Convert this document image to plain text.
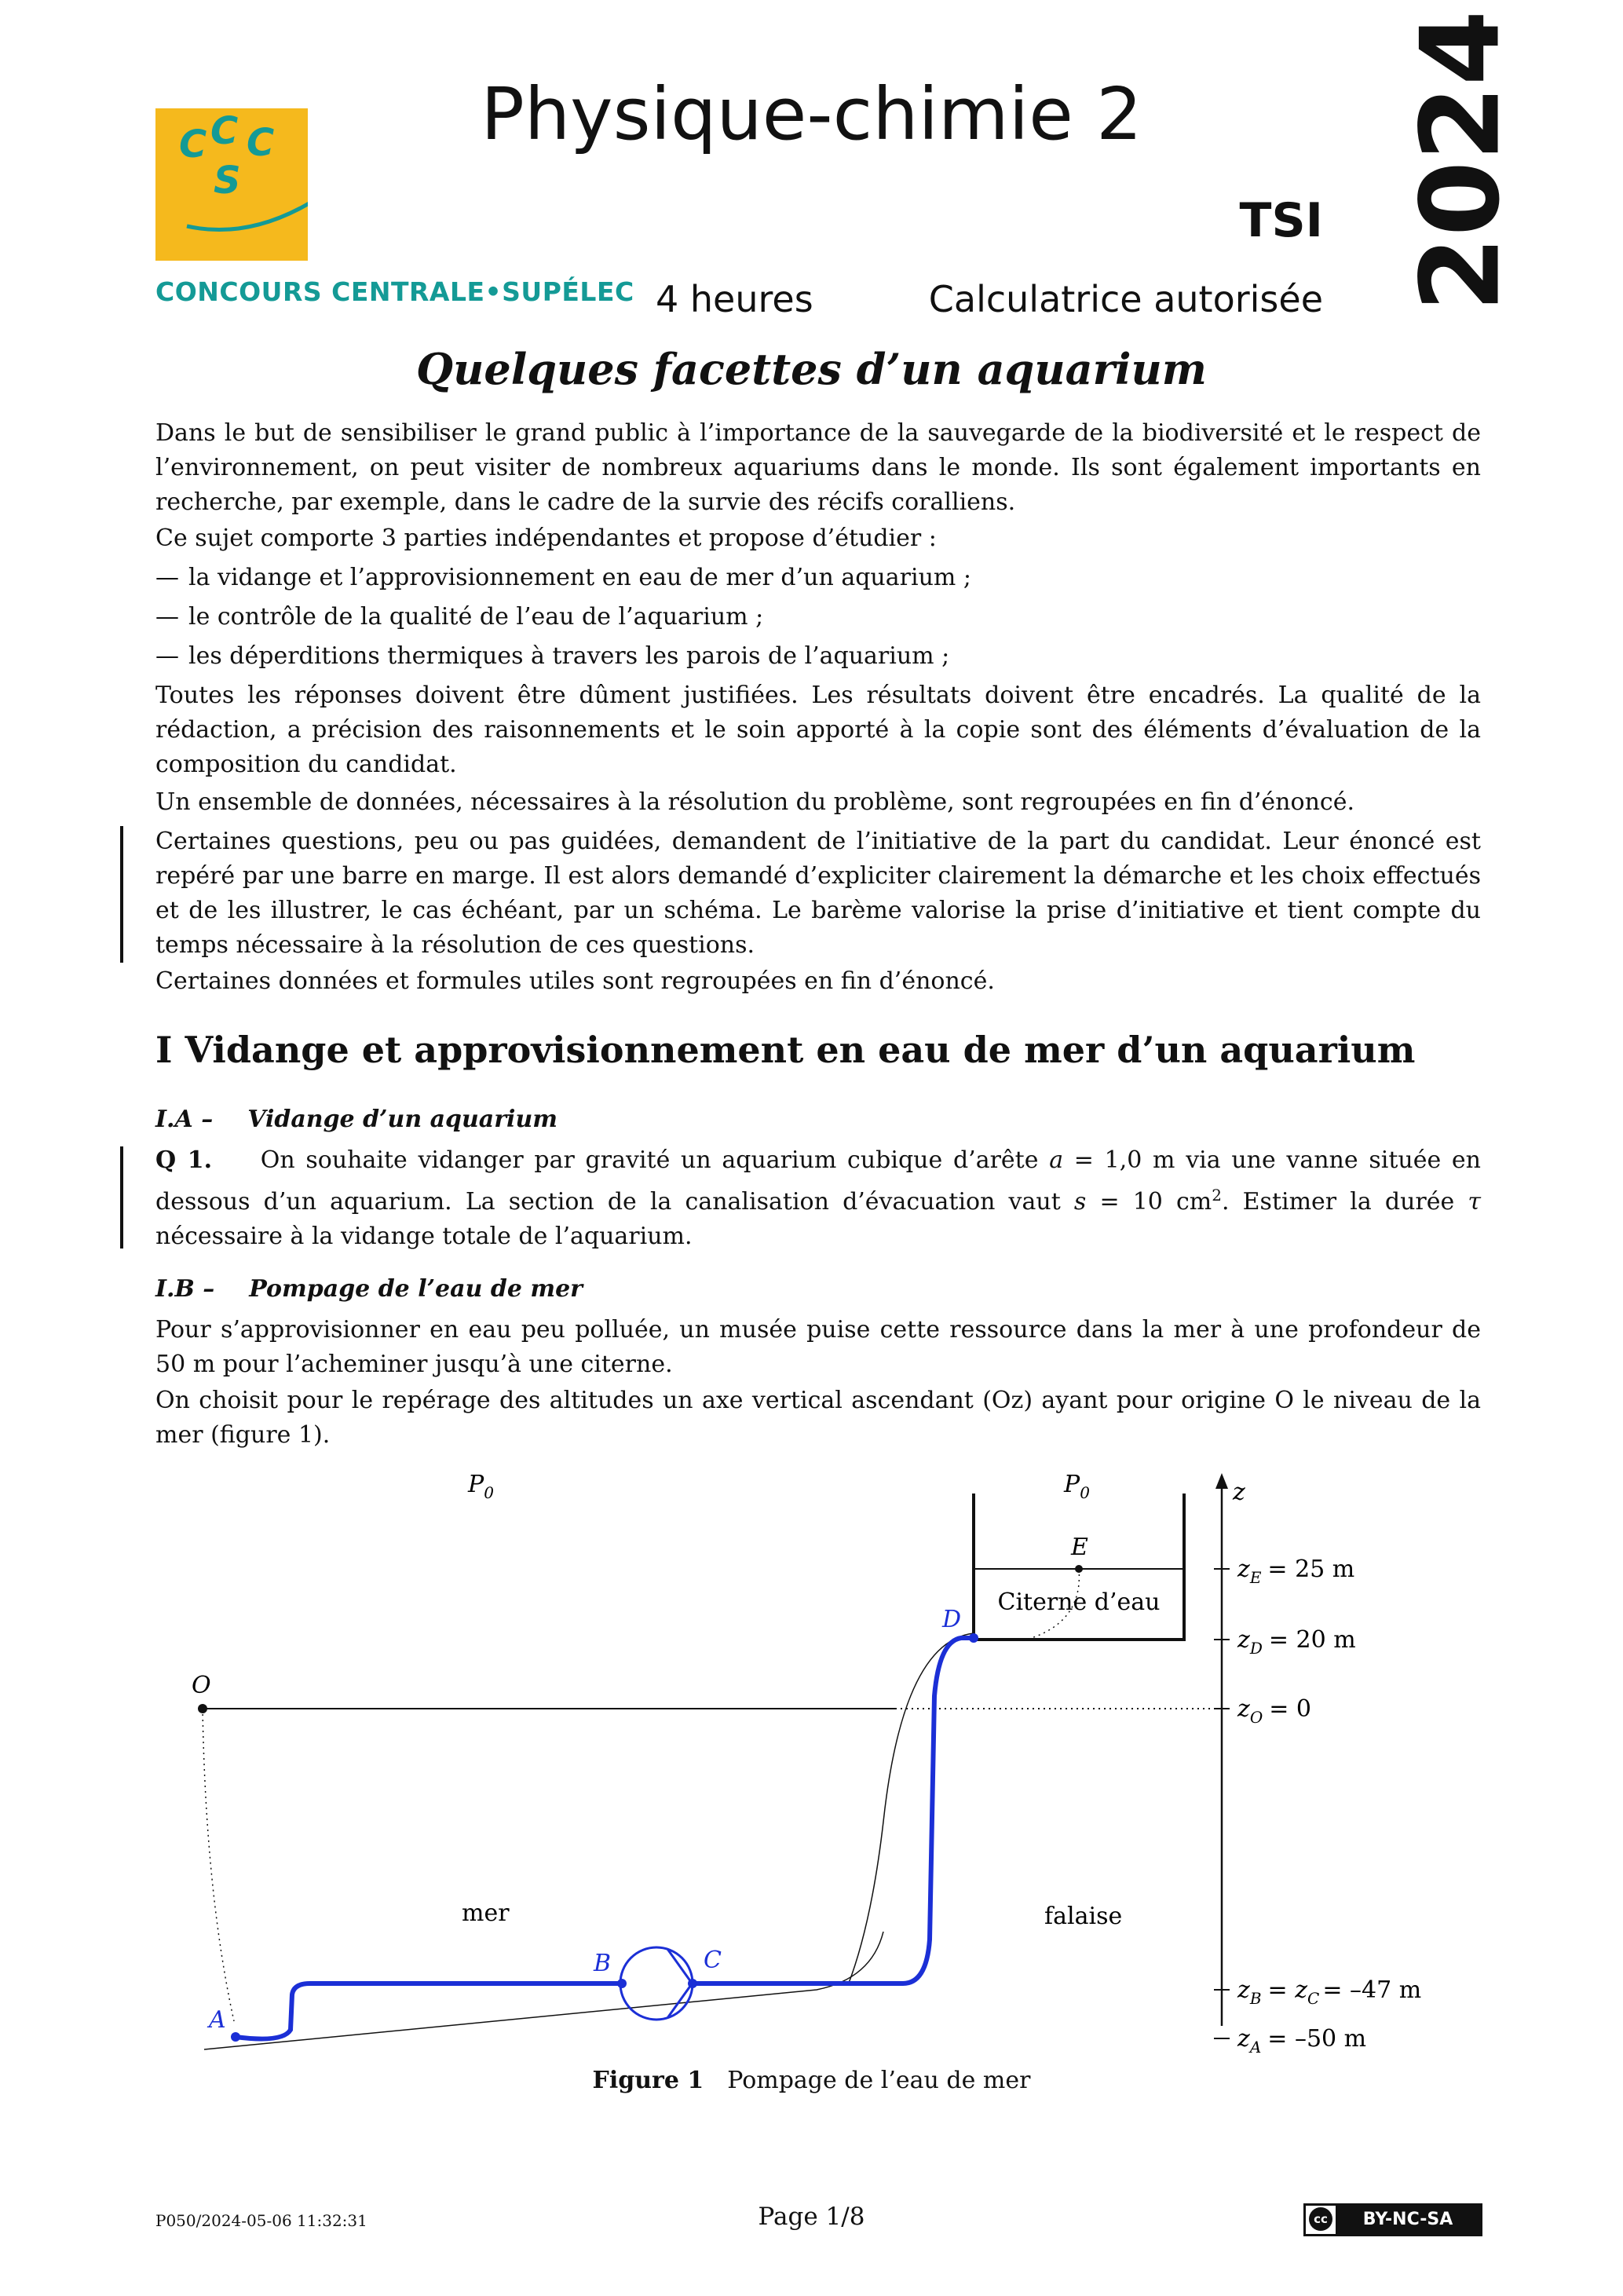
C C C
S
CONCOURS CENTRALE•SUPÉLEC
Physique-chimie 2
TSI 2024
4 heures	Calculatrice autorisée
Quelques facettes d’un aquarium

Dans le but de sensibiliser le grand public à l’importance de la sauvegarde de la biodiversité et le respect de l’environnement, on peut visiter de nombreux aquariums dans le monde. Ils sont également importants en recherche, par exemple, dans le cadre de la survie des récifs coralliens.

Ce sujet comporte 3 parties indépendantes et propose d’étudier :

— la vidange et l’approvisionnement en eau de mer d’un aquarium ;

— le contrôle de la qualité de l’eau de l’aquarium ;

— les déperditions thermiques à travers les parois de l’aquarium ;

Toutes les réponses doivent être dûment justifiées. Les résultats doivent être encadrés. La qualité de la rédaction, a précision des raisonnements et le soin apporté à la copie sont des éléments d’évaluation de la composition du candidat.

Un ensemble de données, nécessaires à la résolution du problème, sont regroupées en fin d’énoncé.

Certaines questions, peu ou pas guidées, demandent de l’initiative de la part du candidat. Leur énoncé est repéré par une barre en marge. Il est alors demandé d’expliciter clairement la démarche et les choix effectués et de les illustrer, le cas échéant, par un schéma. Le barème valorise la prise d’initiative et tient compte du temps nécessaire à la résolution de ces questions.

Certaines données et formules utiles sont regroupées en fin d’énoncé.

I Vidange et approvisionnement en eau de mer d’un aquarium
I.A – Vidange d’un aquarium

Q 1. On souhaite vidanger par gravité un aquarium cubique d’arête a = 1,0 m via une vanne située en dessous d’un aquarium. La section de la canalisation d’évacuation vaut s = 10 $cm^2$. Estimer la durée τ nécessaire à la vidange totale de l’aquarium.

I.B – Pompage de l’eau de mer

Pour s’approvisionner en eau peu polluée, un musée puise cette ressource dans la mer à une profondeur de 50 m pour l’acheminer jusqu’à une citerne.

On choisit pour le repérage des altitudes un axe vertical ascendant (Oz) ayant pour origine O le niveau de la mer (figure 1).

z
$z_E = 25$ m
$z_D = 20$ m
$z_O = 0$
$z_B = z_C = -47$ m
$z_A = -50$ m
$P_0$	$P_0$
O
Citerne d’eau
E
A
B	C
D
mer	falaise
Figure 1 Pompage de l’eau de mer
P050/2024-05-06 11:32:31	Page 1/8	cc	BY-NC-SA
